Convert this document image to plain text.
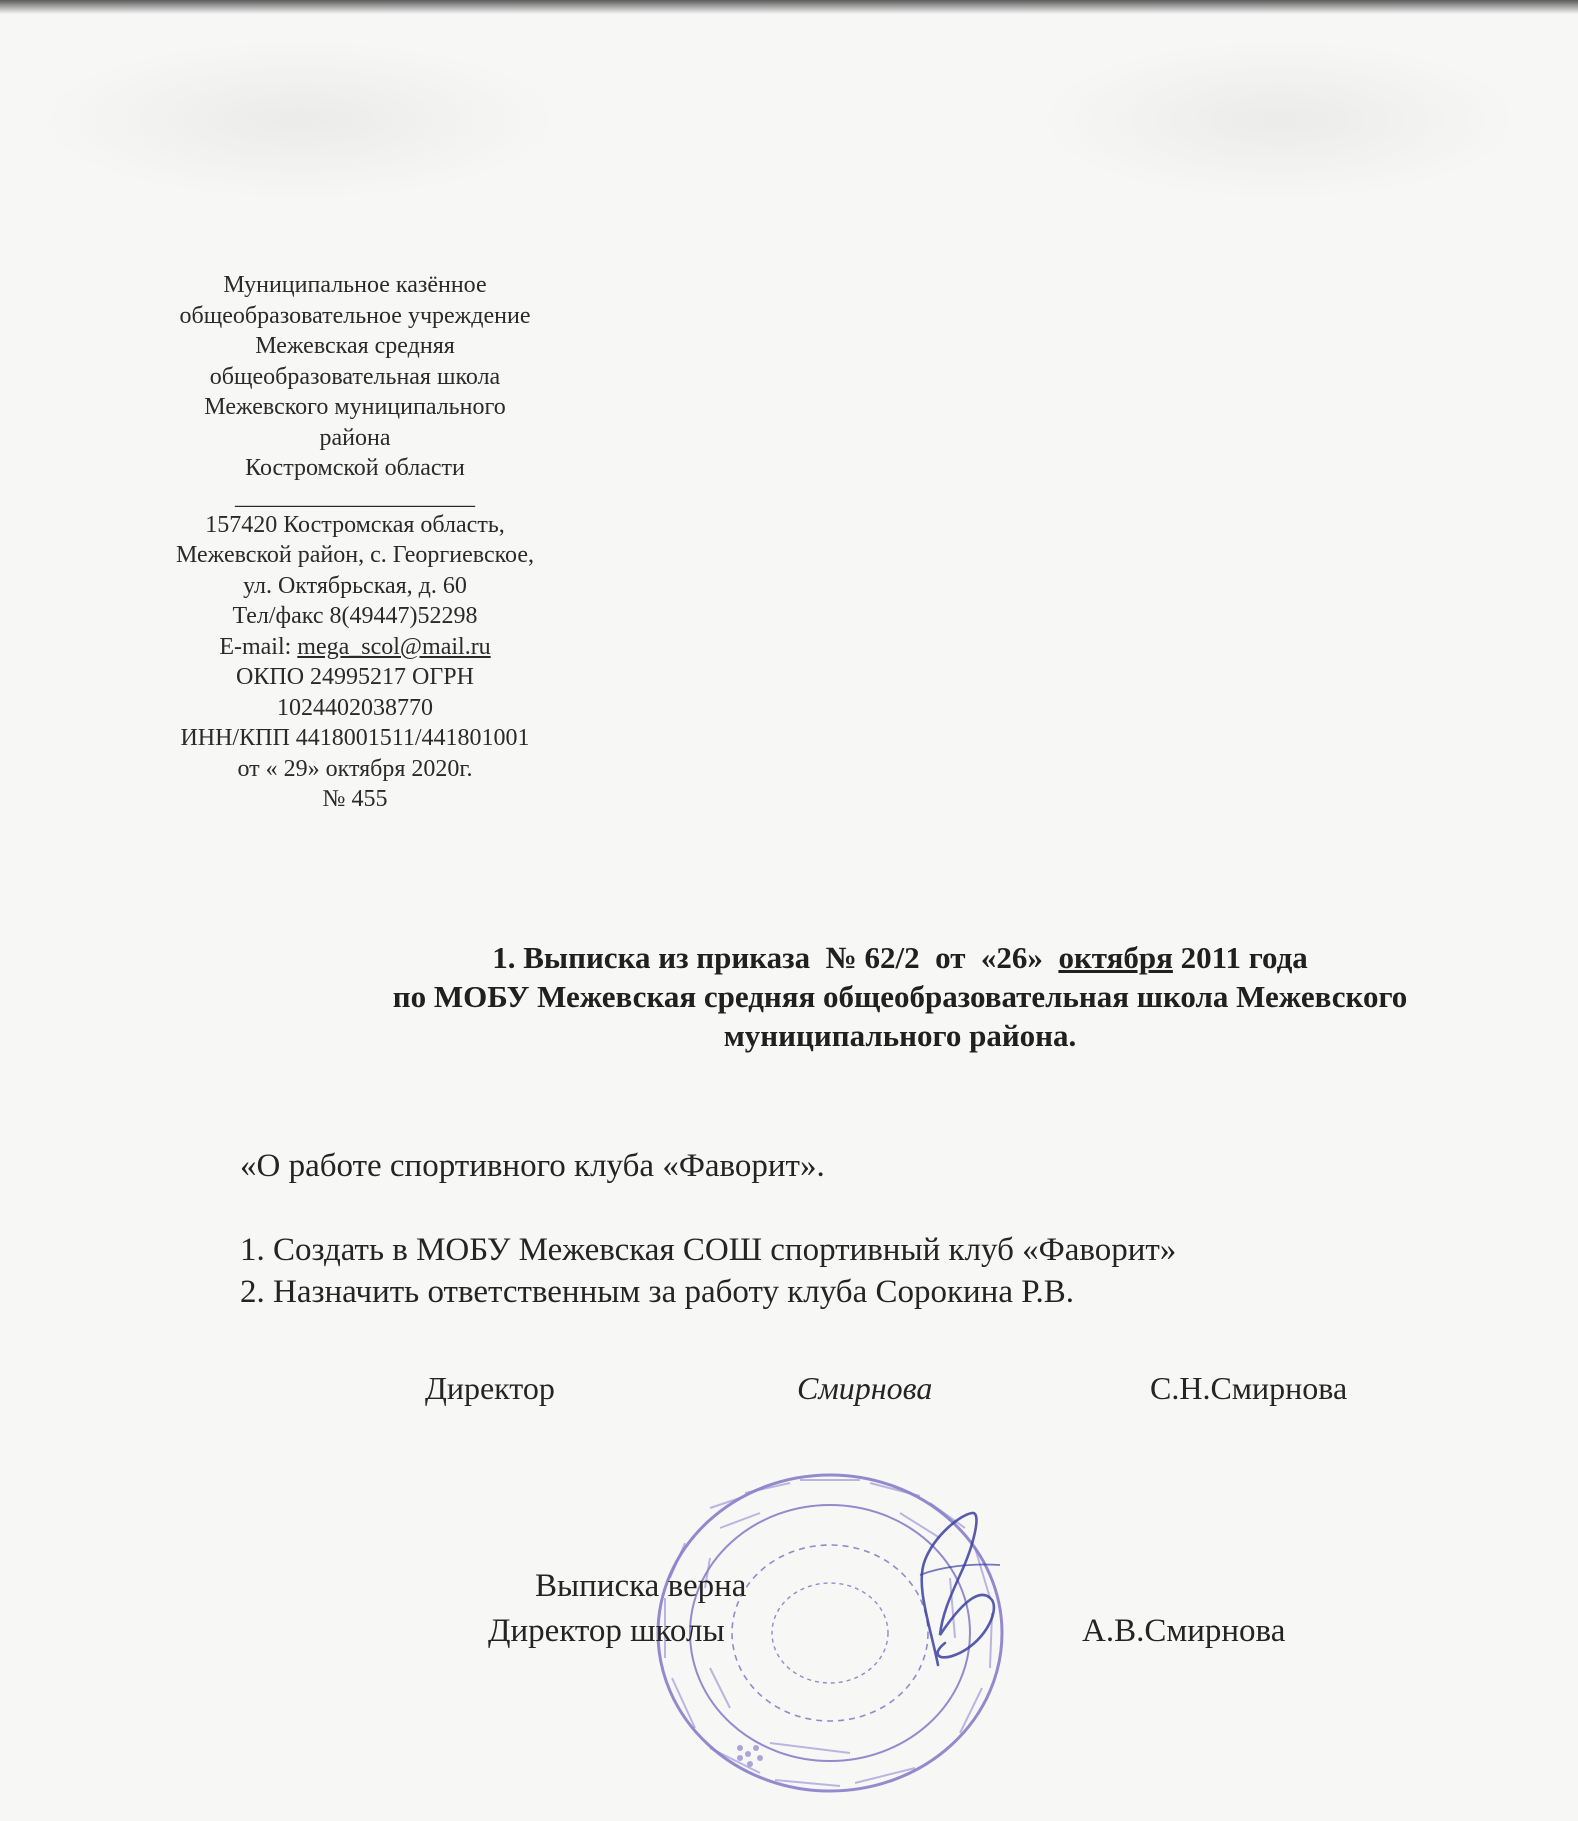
Муниципальное казённое
общеобразовательное учреждение
Межевская средняя
общеобразовательная школа
Межевского муниципального
района
Костромской области
____________________
157420 Костромская область,
Межевской район, с. Георгиевское,
ул. Октябрьская, д. 60
Тел/факс 8(49447)52298
E-mail: mega_scol@mail.ru
ОКПО 24995217 ОГРН
1024402038770
ИНН/КПП 4418001511/441801001
от « 29» октября 2020г.
№ 455
1. Выписка из приказа  № 62/2  от  «26»  октября 2011 года
по МОБУ Межевская средняя общеобразовательная школа Межевского
муниципального района.
«О работе спортивного клуба «Фаворит».
1. Создать в МОБУ Межевская СОШ спортивный клуб «Фаворит»
2. Назначить ответственным за работу клуба Сорокина Р.В.
Директор	Смирнова	С.Н.Смирнова
Выписка верна
Директор школы	А.В.Смирнова
